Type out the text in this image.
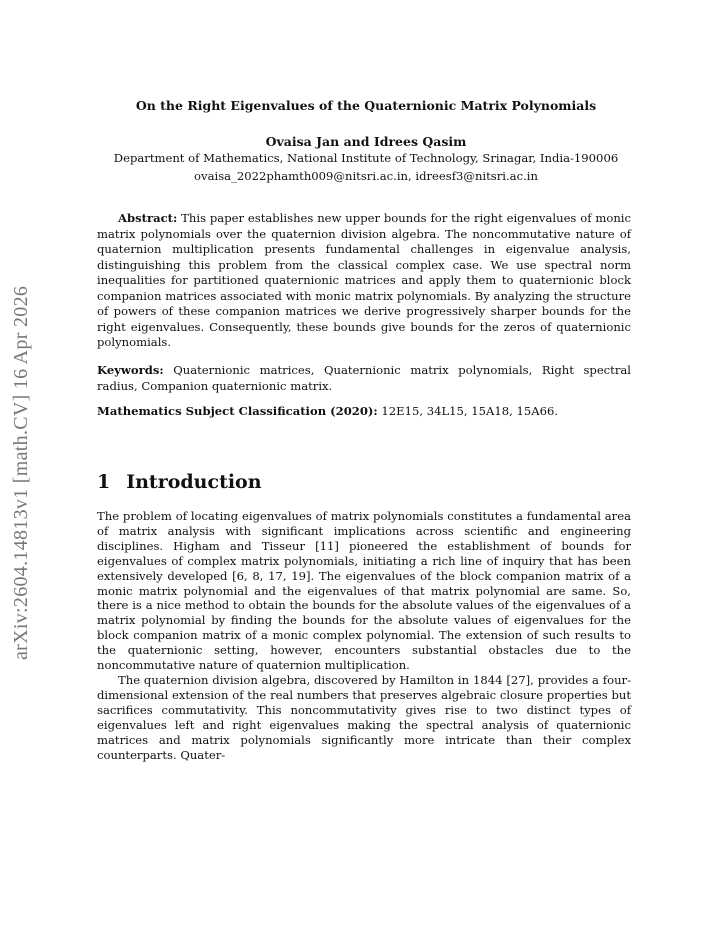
arXiv:2604.14813v1 [math.CV] 16 Apr 2026
On the Right Eigenvalues of the Quaternionic Matrix Polynomials
Ovaisa Jan and Idrees Qasim
Department of Mathematics, National Institute of Technology, Srinagar, India-190006
ovaisa_2022phamth009@nitsri.ac.in, idreesf3@nitsri.ac.in
Abstract: This paper establishes new upper bounds for the right eigenvalues of monic matrix polynomials over the quaternion division algebra. The noncommutative nature of quaternion multiplication presents fundamental challenges in eigenvalue analysis, distinguishing this problem from the classical complex case. We use spectral norm inequalities for partitioned quaternionic matrices and apply them to quaternionic block companion matrices associated with monic matrix polynomials. By analyzing the structure of powers of these companion matrices we derive progressively sharper bounds for the right eigenvalues. Consequently, these bounds give bounds for the zeros of quaternionic polynomials.
Keywords: Quaternionic matrices, Quaternionic matrix polynomials, Right spectral radius, Companion quaternionic matrix.
Mathematics Subject Classification (2020): 12E15, 34L15, 15A18, 15A66.
1 Introduction

The problem of locating eigenvalues of matrix polynomials constitutes a fundamental area of matrix analysis with significant implications across scientific and engineering disciplines. Higham and Tisseur [11] pioneered the establishment of bounds for eigenvalues of complex matrix polynomials, initiating a rich line of inquiry that has been extensively developed [6, 8, 17, 19]. The eigenvalues of the block companion matrix of a monic matrix polynomial and the eigenvalues of that matrix polynomial are same. So, there is a nice method to obtain the bounds for the absolute values of the eigenvalues of a matrix polynomial by finding the bounds for the absolute values of eigenvalues for the block companion matrix of a monic complex polynomial. The extension of such results to the quaternionic setting, however, encounters substantial obstacles due to the noncommutative nature of quaternion multiplication.

The quaternion division algebra, discovered by Hamilton in 1844 [27], provides a four-dimensional extension of the real numbers that preserves algebraic closure properties but sacrifices commutativity. This noncommutativity gives rise to two distinct types of eigenvalues left and right eigenvalues making the spectral analysis of quaternionic matrices and matrix polynomials significantly more intricate than their complex counterparts. Quater-
